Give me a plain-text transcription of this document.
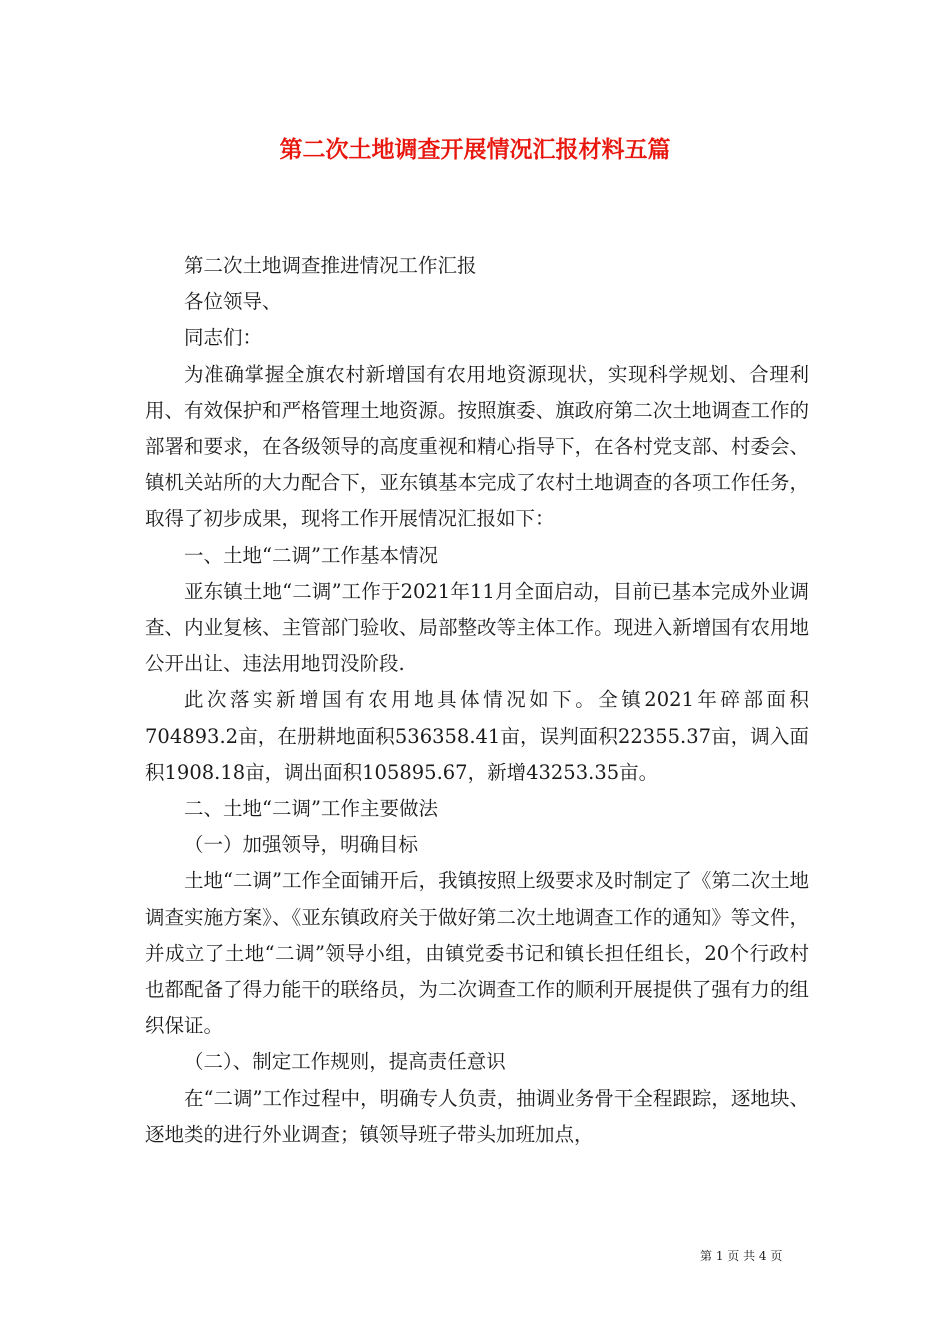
第二次土地调查开展情况汇报材料五篇

第二次土地调查推进情况工作汇报

各位领导、

同志们：

为准确掌握全旗农村新增国有农用地资源现状，实现科学规划、合理利用、有效保护和严格管理土地资源。按照旗委、旗政府第二次土地调查工作的部署和要求，在各级领导的高度重视和精心指导下，在各村党支部、村委会、镇机关站所的大力配合下，亚东镇基本完成了农村土地调查的各项工作任务，取得了初步成果，现将工作开展情况汇报如下：

一、土地“二调”工作基本情况

亚东镇土地“二调”工作于2021年11月全面启动，目前已基本完成外业调查、内业复核、主管部门验收、局部整改等主体工作。现进入新增国有农用地公开出让、违法用地罚没阶段.

此次落实新增国有农用地具体情况如下。全镇2021年碎部面积704893.2亩，在册耕地面积536358.41亩，误判面积22355.37亩，调入面积1908.18亩，调出面积105895.67，新增43253.35亩。

二、土地“二调”工作主要做法

（一）加强领导，明确目标

土地“二调”工作全面铺开后，我镇按照上级要求及时制定了《第二次土地调查实施方案》、《亚东镇政府关于做好第二次土地调查工作的通知》等文件，并成立了土地“二调”领导小组，由镇党委书记和镇长担任组长，20个行政村也都配备了得力能干的联络员，为二次调查工作的顺利开展提供了强有力的组织保证。

（二）、制定工作规则，提高责任意识

在“二调”工作过程中，明确专人负责，抽调业务骨干全程跟踪，逐地块、逐地类的进行外业调查；镇领导班子带头加班加点，

第 1 页 共 4 页
